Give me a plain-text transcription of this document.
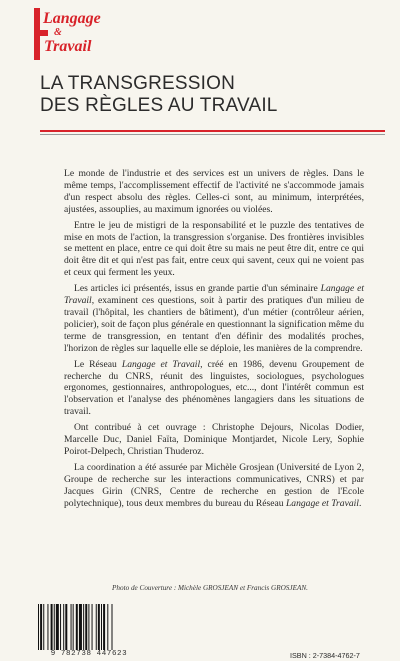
Langage
&
Travail
LA TRANSGRESSION
DES RÈGLES AU TRAVAIL

Le monde de l'industrie et des services est un univers de règles. Dans le même temps, l'accomplissement effectif de l'activité ne s'accommode jamais d'un respect absolu des règles. Celles-ci sont, au minimum, interprétées, ajustées, assouplies, au maximum ignorées ou violées.

Entre le jeu de mistigri de la responsabilité et le puzzle des tentatives de mise en mots de l'action, la transgression s'organise. Des frontières invisibles se mettent en place, entre ce qui doit être su mais ne peut être dit, entre ce qui doit être dit et qui n'est pas fait, entre ceux qui savent, ceux qui ne voient pas et ceux qui ferment les yeux.

Les articles ici présentés, issus en grande partie d'un séminaire Langage et Travail, examinent ces questions, soit à partir des pratiques d'un milieu de travail (l'hôpital, les chantiers de bâtiment), d'un métier (contrôleur aérien, policier), soit de façon plus générale en questionnant la signification même du terme de transgression, en tentant d'en définir des modalités proches, l'horizon de règles sur laquelle elle se déploie, les manières de la comprendre.

Le Réseau Langage et Travail, créé en 1986, devenu Groupement de recherche du CNRS, réunit des linguistes, sociologues, psychologues ergonomes, gestionnaires, anthropologues, etc..., dont l'intérêt commun est l'observation et l'analyse des phénomènes langagiers dans les situations de travail.

Ont contribué à cet ouvrage : Christophe Dejours, Nicolas Dodier, Marcelle Duc, Daniel Faïta, Dominique Montjardet, Nicole Lery, Sophie Poirot-Delpech, Christian Thuderoz.

La coordination a été assurée par Michèle Grosjean (Université de Lyon 2, Groupe de recherche sur les interactions communicatives, CNRS) et par Jacques Girin (CNRS, Centre de recherche en gestion de l'Ecole polytechnique), tous deux membres du bureau du Réseau Langage et Travail.

Photo de Couverture : Michèle GROSJEAN et Francis GROSJEAN.
9 782738 447623	ISBN : 2-7384-4762-7
